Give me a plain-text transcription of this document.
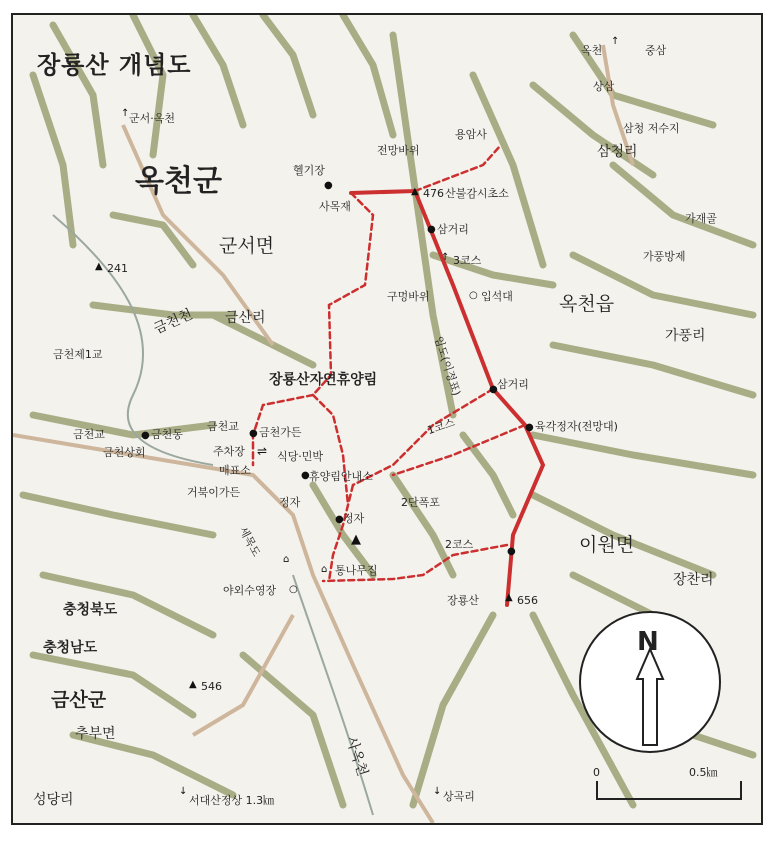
장룡산 개념도
옥천군
군서면
옥천읍
이원면
금산군
추부면
충청북도
충청남도
장룡산자연휴양림
↑ 군서·옥천
●
헬기장
사목재
전망바위
용암사
▲ 476 산불감시초소
● 삼거리
↑ 3코스
구멍바위	○ 입석대
임도(이정표)	● 삼거리
1코스	● 육각정자(전망대)
▲ 241
금천천 금산리
금천제1교
금천교	● 금천동
금천상회
금천교
● 금천가든
주차장 ⇌ 식당·민박
매표소	● 휴양림안내소
거북이가든
정자	2단폭포
● 정자
▲	2코스
●
세목도
⌂
⌂ 통나무집
야외수영장 ○
장룡산	▲ 656
장찬리
▲ 546
옥천
↑
중삼
상삼
삼청 저수지
삼청리
가재골
가풍방제
가풍리
성당리
↓
서대산정상 1.3㎞
사옥천
↓ 상곡리
N
0	0.5㎞
